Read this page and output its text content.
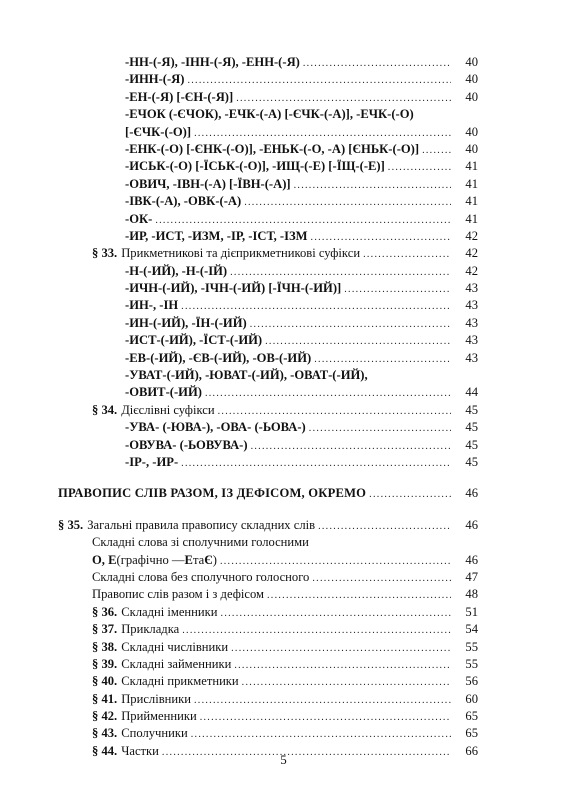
-НН-(-Я), -ІНН-(-Я), -ЕНН-(-Я) .....	40
-ИНН-(-Я) .....	40
-ЕН-(-Я) [-ЄН-(-Я)] .....	40
-ЕЧОК (-ЄЧОК), -ЕЧК-(-А) [-ЄЧК-(-А)], -ЕЧК-(-О)
[-ЄЧК-(-О)] .....	40
-ЕНК-(-О) [-ЄНК-(-О)], -ЕНЬК-(-О, -А) [ЄНЬК-(-О)] .....	40
-ИСЬК-(-О) [-ЇСЬК-(-О)], -ИЩ-(-Е) [-ЇЩ-(-Е)] .....	41
-ОВИЧ, -ІВН-(-А) [-ЇВН-(-А)] .....	41
-ІВК-(-А), -ОВК-(-А) .....	41
-ОК- .....	41
-ИР, -ИСТ, -ИЗМ, -ІР, -ІСТ, -ІЗМ .....	42
§ 33. Прикметникові та дієприкметникові суфікси .....	42
-Н-(-ИЙ), -Н-(-ІЙ) .....	42
-ИЧН-(-ИЙ), -ІЧН-(-ИЙ) [-ЇЧН-(-ИЙ)] .....	43
-ИН-, -ІН .....	43
-ИН-(-ИЙ), -ЇН-(-ИЙ) .....	43
-ИСТ-(-ИЙ), -ЇСТ-(-ИЙ) .....	43
-ЕВ-(-ИЙ), -ЄВ-(-ИЙ), -ОВ-(-ИЙ) .....	43
-УВАТ-(-ИЙ), -ЮВАТ-(-ИЙ), -ОВАТ-(-ИЙ),
-ОВИТ-(-ИЙ) .....	44
§ 34. Дієслівні суфікси .....	45
-УВА- (-ЮВА-), -ОВА- (-ЬОВА-) .....	45
-ОВУВА- (-ЬОВУВА-) .....	45
-ІР-, -ИР- .....	45
ПРАВОПИС СЛІВ РАЗОМ, ІЗ ДЕФІСОМ, ОКРЕМО .....	46
§ 35. Загальні правила правопису складних слів .....	46
Складні слова зі сполучними голосними
О, Е (графічно — Е та Є ) .....	46
Складні слова без сполучного голосного .....	47
Правопис слів разом і з дефісом .....	48
§ 36. Складні іменники .....	51
§ 37. Прикладка .....	54
§ 38. Складні числівники .....	55
§ 39. Складні займенники .....	55
§ 40. Складні прикметники .....	56
§ 41. Прислівники .....	60
§ 42. Прийменники .....	65
§ 43. Сполучники .....	65
§ 44. Частки .....	66
5
